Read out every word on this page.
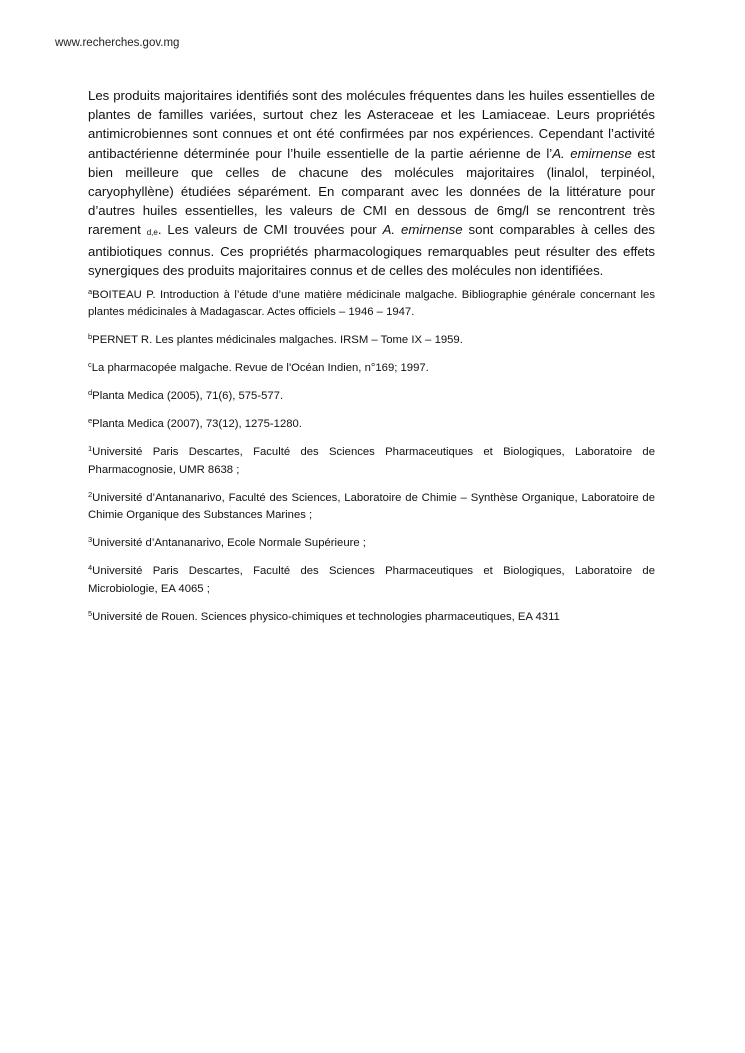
www.recherches.gov.mg

Les produits majoritaires identifiés sont des molécules fréquentes dans les huiles essentielles de plantes de familles variées, surtout chez les Asteraceae et les Lamiaceae. Leurs propriétés antimicrobiennes sont connues et ont été confirmées par nos expériences. Cependant l’activité antibactérienne déterminée pour l’huile essentielle de la partie aérienne de l’A. emirnense est bien meilleure que celles de chacune des molécules majoritaires (linalol, terpinéol, caryophyllène) étudiées séparément. En comparant avec les données de la littérature pour d’autres huiles essentielles, les valeurs de CMI en dessous de 6mg/l se rencontrent très rarement d,e. Les valeurs de CMI trouvées pour A. emirnense sont comparables à celles des antibiotiques connus. Ces propriétés pharmacologiques remarquables peut résulter des effets synergiques des produits majoritaires connus et de celles des molécules non identifiées.

$^a$BOITEAU P. Introduction à l’étude d’une matière médicinale malgache. Bibliographie générale concernant les plantes médicinales à Madagascar. Actes officiels – 1946 – 1947.
$^b$PERNET R. Les plantes médicinales malgaches. IRSM – Tome IX – 1959.
$^c$La pharmacopée malgache. Revue de l'Océan Indien, n°169; 1997.
$^d$Planta Medica (2005), 71(6), 575-577.
$^e$Planta Medica (2007), 73(12), 1275-1280.
$^1$Université Paris Descartes, Faculté des Sciences Pharmaceutiques et Biologiques, Laboratoire de Pharmacognosie, UMR 8638 ;
$^2$Université d’Antananarivo, Faculté des Sciences, Laboratoire de Chimie – Synthèse Organique, Laboratoire de Chimie Organique des Substances Marines ;
$^3$Université d’Antananarivo, Ecole Normale Supérieure ;
$^4$Université Paris Descartes, Faculté des Sciences Pharmaceutiques et Biologiques, Laboratoire de Microbiologie, EA 4065 ;
$^5$Université de Rouen. Sciences physico-chimiques et technologies pharmaceutiques, EA 4311
